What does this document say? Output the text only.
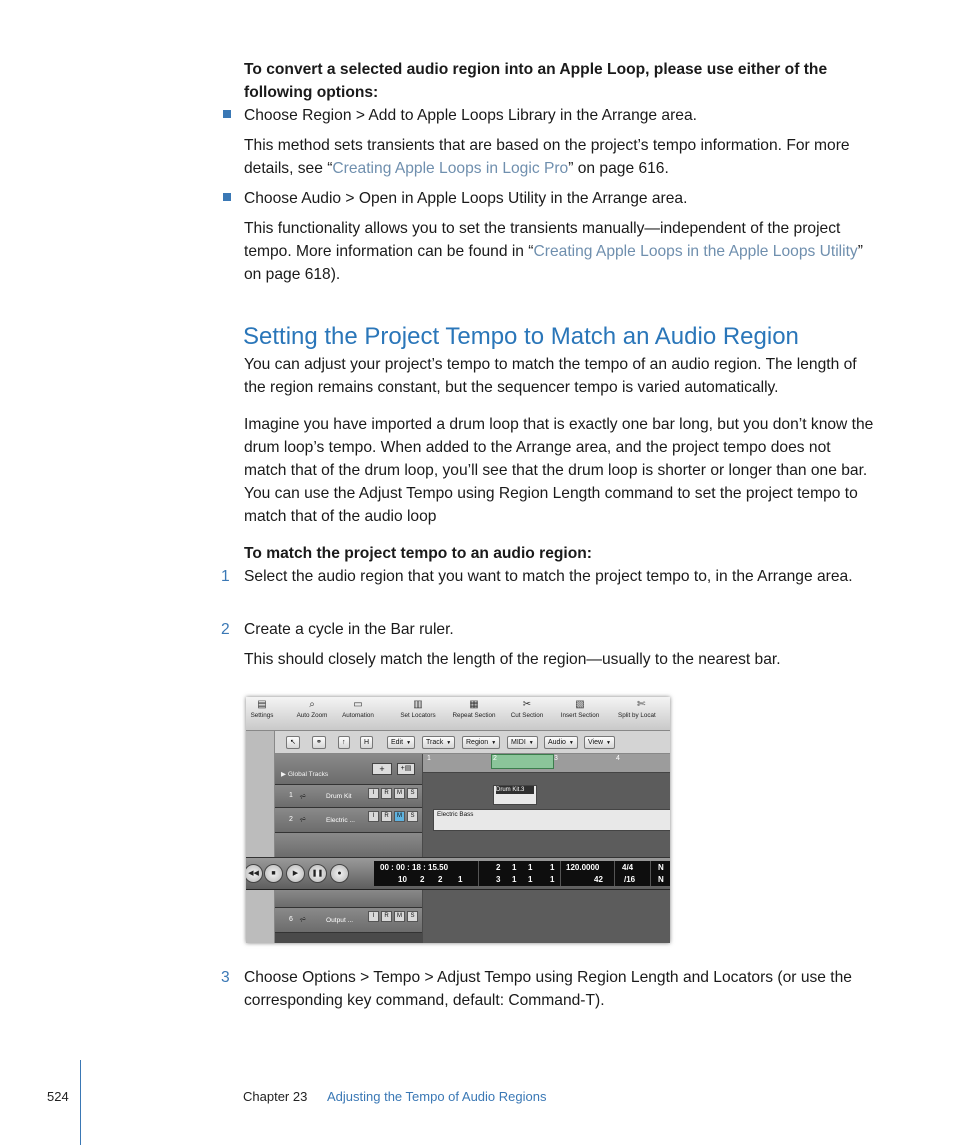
To convert a selected audio region into an Apple Loop, please use either of the following options:

Choose Region > Add to Apple Loops Library in the Arrange area.

This method sets transients that are based on the project’s tempo information. For more details, see “Creating Apple Loops in Logic Pro” on page 616.

Choose Audio > Open in Apple Loops Utility in the Arrange area.

This functionality allows you to set the transients manually—independent of the project tempo. More information can be found in “Creating Apple Loops in the Apple Loops Utility” on page 618).

Setting the Project Tempo to Match an Audio Region

You can adjust your project’s tempo to match the tempo of an audio region. The length of the region remains constant, but the sequencer tempo is varied automatically.

Imagine you have imported a drum loop that is exactly one bar long, but you don’t know the drum loop’s tempo. When added to the Arrange area, and the project tempo does not match that of the drum loop, you’ll see that the drum loop is shorter or longer than one bar. You can use the Adjust Tempo using Region Length command to set the project tempo to match that of the audio loop

To match the project tempo to an audio region:

1 Select the audio region that you want to match the project tempo to, in the Arrange area.

2 Create a cycle in the Bar ruler.

This should closely match the length of the region—usually to the nearest bar.

▤
Settings
⌕
Auto Zoom
▭
Automation
▥
Set Locators
▦
Repeat Section
✂
Cut Section
▧
Insert Section
✄
Split by Locat
↖	⚭	↑	H	Edit ▼	Track ▼	Region ▼	MIDI ▼	Audio ▼	View ▼
▶ Global Tracks
+	+▤
1 ⩫	Drum Kit	I R M S
2 ⩫	Electric ...
I R M S
6 ⩫	Output ...
I R M S
1	2	3	4
Drum Kit.3
Electric Bass
◀◀	■	▶	❚❚	●
00 : 00 : 18 : 15.50
10 2 2 1
2 1 1 1
3 1 1 1
120.0000
42
4/4
/16
N
N
3 Choose Options > Tempo > Adjust Tempo using Region Length and Locators (or use the corresponding key command, default: Command-T).

524	Chapter 23 Adjusting the Tempo of Audio Regions
